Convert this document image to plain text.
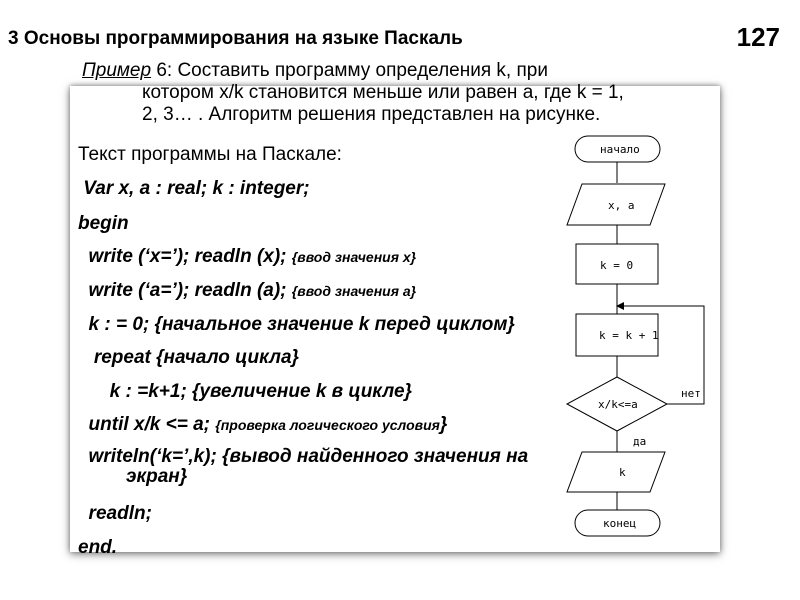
3 Основы программирования на языке Паскаль	127
Пример 6: Составить программу определения k, при
котором x/k становится меньше или равен a, где k = 1,
2, 3… . Алгоритм решения представлен на рисунке.
Текст программы на Паскале:
Var x, a : real; k : integer;
begin
write (‘x=’); readln (x); {ввод значения x}
write (‘a=’); readln (a); {ввод значения a}
k : = 0; {начальное значение k перед циклом}
repeat {начало цикла}
k : =k+1; {увеличение k в цикле}
until x/k <= a; {проверка логического условия}
writeln(‘k=’,k); {вывод найденного значения на
экран}
readln;
end.
начало
x, a
k = 0
k = k + 1
x/k<=a
нет
да
k
конец
